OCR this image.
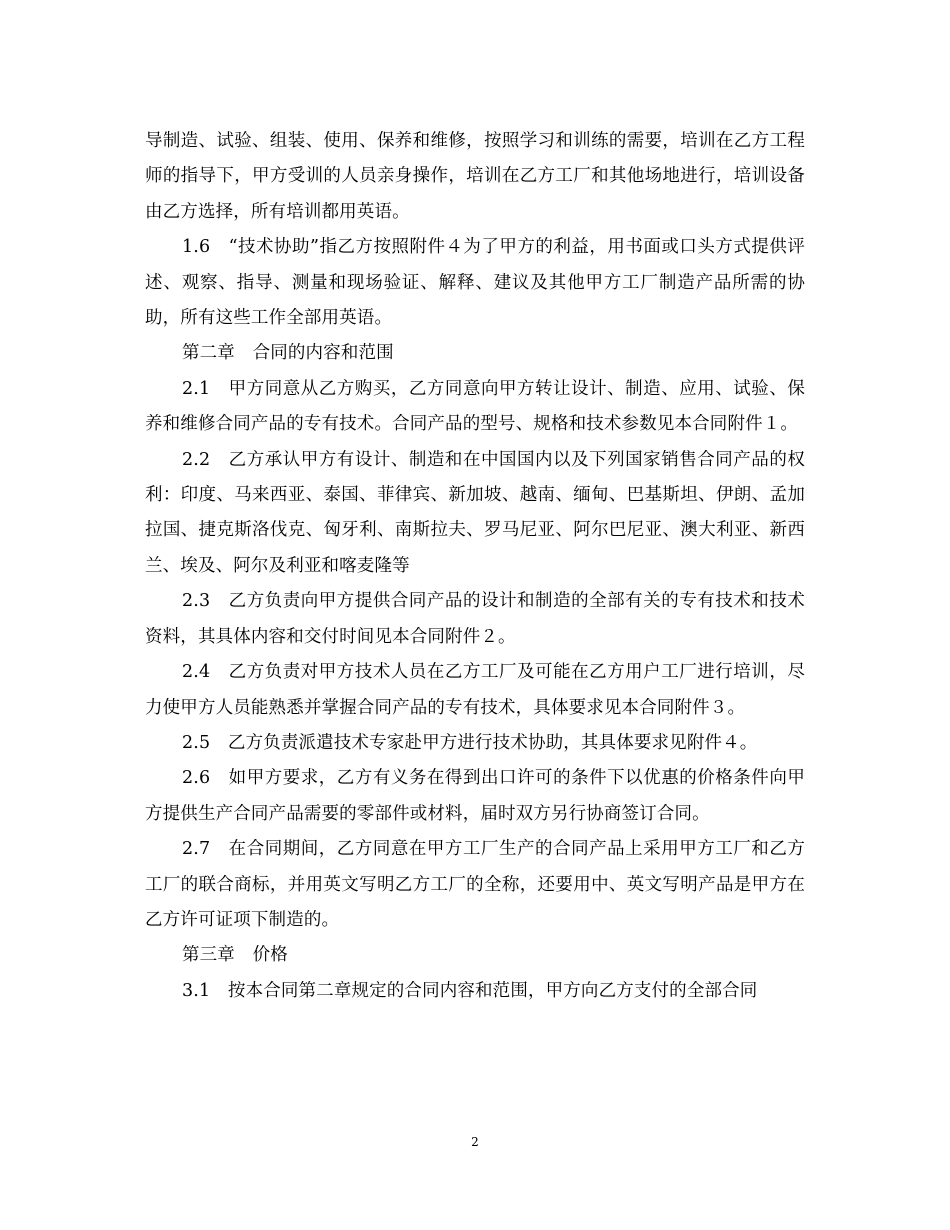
导制造、试验、组装、使用、保养和维修，按照学习和训练的需要，培训在乙方工程师的指导下，甲方受训的人员亲身操作，培训在乙方工厂和其他场地进行，培训设备由乙方选择，所有培训都用英语。

1.6　“技术协助”指乙方按照附件４为了甲方的利益，用书面或口头方式提供评述、观察、指导、测量和现场验证、解释、建议及其他甲方工厂制造产品所需的协助，所有这些工作全部用英语。

第二章　合同的内容和范围

2.1　甲方同意从乙方购买，乙方同意向甲方转让设计、制造、应用、试验、保养和维修合同产品的专有技术。合同产品的型号、规格和技术参数见本合同附件１。

2.2　乙方承认甲方有设计、制造和在中国国内以及下列国家销售合同产品的权利：印度、马来西亚、泰国、菲律宾、新加坡、越南、缅甸、巴基斯坦、伊朗、孟加拉国、捷克斯洛伐克、匈牙利、南斯拉夫、罗马尼亚、阿尔巴尼亚、澳大利亚、新西兰、埃及、阿尔及利亚和喀麦隆等

2.3　乙方负责向甲方提供合同产品的设计和制造的全部有关的专有技术和技术资料，其具体内容和交付时间见本合同附件２。

2.4　乙方负责对甲方技术人员在乙方工厂及可能在乙方用户工厂进行培训，尽力使甲方人员能熟悉并掌握合同产品的专有技术，具体要求见本合同附件３。

2.5　乙方负责派遣技术专家赴甲方进行技术协助，其具体要求见附件４。

2.6　如甲方要求，乙方有义务在得到出口许可的条件下以优惠的价格条件向甲方提供生产合同产品需要的零部件或材料，届时双方另行协商签订合同。

2.7　在合同期间，乙方同意在甲方工厂生产的合同产品上采用甲方工厂和乙方工厂的联合商标，并用英文写明乙方工厂的全称，还要用中、英文写明产品是甲方在乙方许可证项下制造的。

第三章　价格

3.1　按本合同第二章规定的合同内容和范围，甲方向乙方支付的全部合同

2
